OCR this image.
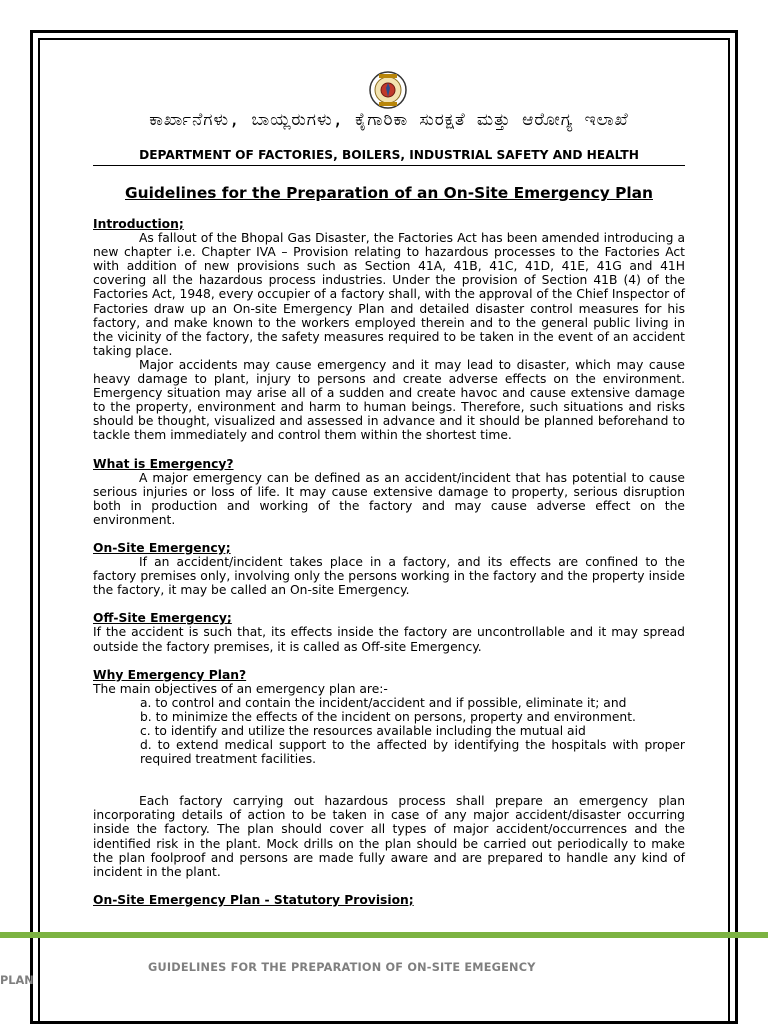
ಕಾರ್ಖಾನೆಗಳು, ಬಾಯ್ಲರುಗಳು, ಕೈಗಾರಿಕಾ ಸುರಕ್ಷತೆ ಮತ್ತು ಆರೋಗ್ಯ ಇಲಾಖೆ
DEPARTMENT OF FACTORIES, BOILERS, INDUSTRIAL SAFETY AND HEALTH
Guidelines for the Preparation of an On-Site Emergency Plan

Introduction;

As fallout of the Bhopal Gas Disaster, the Factories Act has been amended introducing a new chapter i.e. Chapter IVA – Provision relating to hazardous processes to the Factories Act with addition of new provisions such as Section 41A, 41B, 41C, 41D, 41E, 41G and 41H covering all the hazardous process industries. Under the provision of Section 41B (4) of the Factories Act, 1948, every occupier of a factory shall, with the approval of the Chief Inspector of Factories draw up an On-site Emergency Plan and detailed disaster control measures for his factory, and make known to the workers employed therein and to the general public living in the vicinity of the factory, the safety measures required to be taken in the event of an accident taking place.

Major accidents may cause emergency and it may lead to disaster, which may cause heavy damage to plant, injury to persons and create adverse effects on the environment. Emergency situation may arise all of a sudden and create havoc and cause extensive damage to the property, environment and harm to human beings. Therefore, such situations and risks should be thought, visualized and assessed in advance and it should be planned beforehand to tackle them immediately and control them within the shortest time.

What is Emergency?

A major emergency can be defined as an accident/incident that has potential to cause serious injuries or loss of life. It may cause extensive damage to property, serious disruption both in production and working of the factory and may cause adverse effect on the environment.

On-Site Emergency;

If an accident/incident takes place in a factory, and its effects are confined to the factory premises only, involving only the persons working in the factory and the property inside the factory, it may be called an On-site Emergency.

Off-Site Emergency;

If the accident is such that, its effects inside the factory are uncontrollable and it may spread outside the factory premises, it is called as Off-site Emergency.

Why Emergency Plan?

The main objectives of an emergency plan are:-

a. to control and contain the incident/accident and if possible, eliminate it; and

b. to minimize the effects of the incident on persons, property and environment.

c. to identify and utilize the resources available including the mutual aid

d. to extend medical support to the affected by identifying the hospitals with proper required treatment facilities.

Each factory carrying out hazardous process shall prepare an emergency plan incorporating details of action to be taken in case of any major accident/disaster occurring inside the factory. The plan should cover all types of major accident/occurrences and the identified risk in the plant. Mock drills on the plan should be carried out periodically to make the plan foolproof and persons are made fully aware and are prepared to handle any kind of incident in the plant.

On-Site Emergency Plan - Statutory Provision;

GUIDELINES FOR THE PREPARATION OF ON-SITE EMEGENCY
PLAN
